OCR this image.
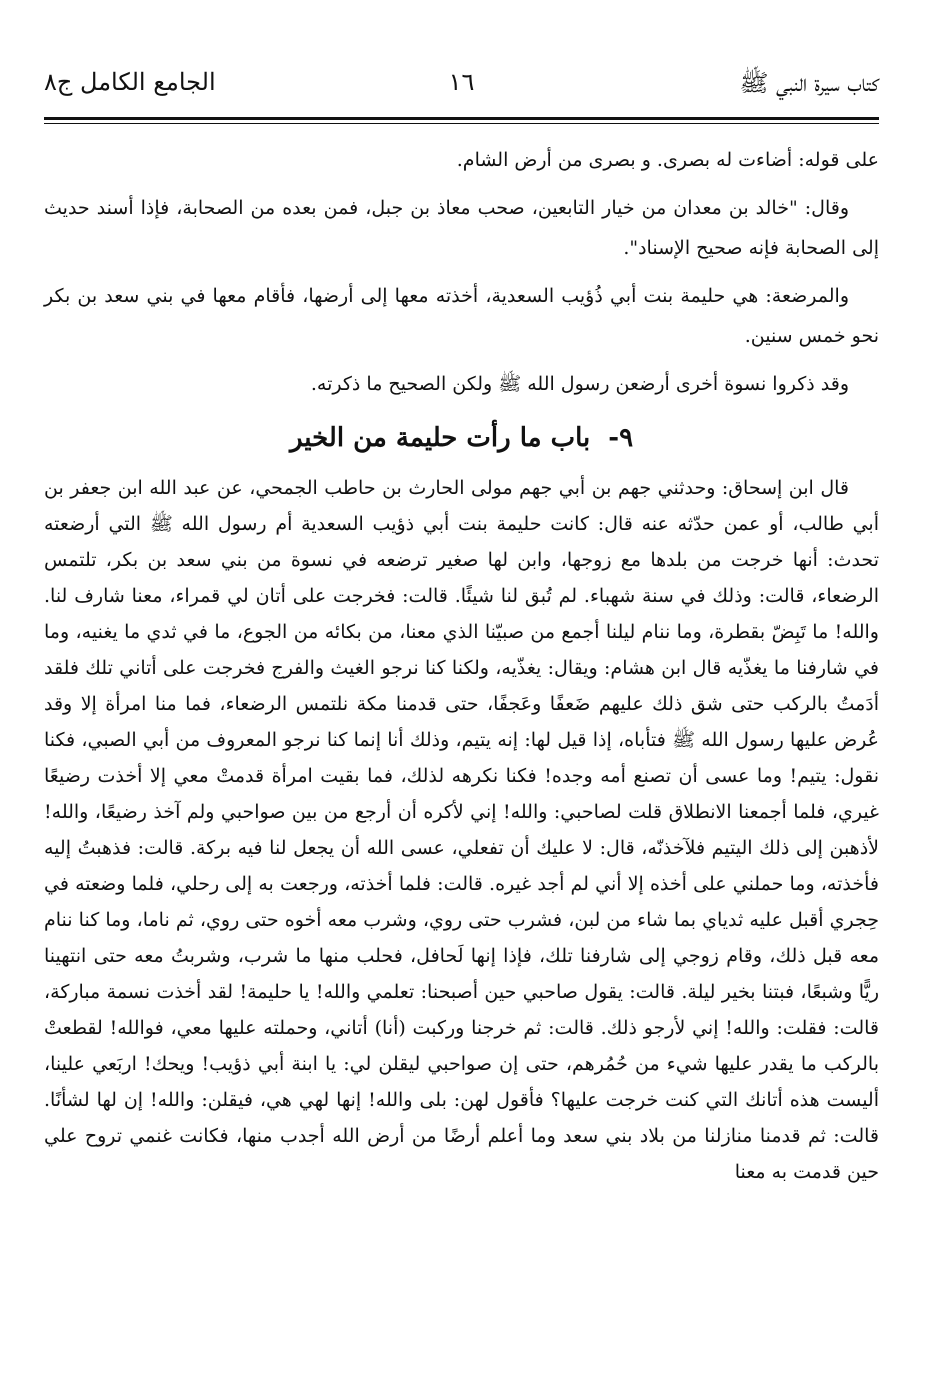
كتاب سيرة النبي ﷺ
١٦
الجامع الكامل ج٨

على قوله: أضاءت له بصرى. و بصرى من أرض الشام.

وقال: "خالد بن معدان من خيار التابعين، صحب معاذ بن جبل، فمن بعده من الصحابة، فإذا أسند حديث إلى الصحابة فإنه صحيح الإسناد".

والمرضعة: هي حليمة بنت أبي ذُؤيب السعدية، أخذته معها إلى أرضها، فأقام معها في بني سعد بن بكر نحو خمس سنين.

وقد ذكروا نسوة أخرى أرضعن رسول الله ﷺ ولكن الصحيح ما ذكرته.

٩-باب ما رأت حليمة من الخير

قال ابن إسحاق: وحدثني جهم بن أبي جهم مولى الحارث بن حاطب الجمحي، عن عبد الله ابن جعفر بن أبي طالب، أو عمن حدّثه عنه قال: كانت حليمة بنت أبي ذؤيب السعدية أم رسول الله ﷺ التي أرضعته تحدث: أنها خرجت من بلدها مع زوجها، وابن لها صغير ترضعه في نسوة من بني سعد بن بكر، تلتمس الرضعاء، قالت: وذلك في سنة شهباء. لم تُبق لنا شيئًا. قالت: فخرجت على أتان لي قمراء، معنا شارف لنا. والله! ما تَبِضّ بقطرة، وما ننام ليلنا أجمع من صبيّنا الذي معنا، من بكائه من الجوع، ما في ثدي ما يغنيه، وما في شارفنا ما يغذّيه قال ابن هشام: ويقال: يغذّيه، ولكنا كنا نرجو الغيث والفرج فخرجت على أتاني تلك فلقد أدَمتُ بالركب حتى شق ذلك عليهم ضَعفًا وعَجفًا، حتى قدمنا مكة نلتمس الرضعاء، فما منا امرأة إلا وقد عُرض عليها رسول الله ﷺ فتأباه، إذا قيل لها: إنه يتيم، وذلك أنا إنما كنا نرجو المعروف من أبي الصبي، فكنا نقول: يتيم! وما عسى أن تصنع أمه وجده! فكنا نكرهه لذلك، فما بقيت امرأة قدمتْ معي إلا أخذت رضيعًا غيري، فلما أجمعنا الانطلاق قلت لصاحبي: والله! إني لأكره أن أرجع من بين صواحبي ولم آخذ رضيعًا، والله! لأذهبن إلى ذلك اليتيم فلآخذنّه، قال: لا عليك أن تفعلي، عسى الله أن يجعل لنا فيه بركة. قالت: فذهبتُ إليه فأخذته، وما حملني على أخذه إلا أني لم أجد غيره. قالت: فلما أخذته، ورجعت به إلى رحلي، فلما وضعته في حِجري أقبل عليه ثدياي بما شاء من لبن، فشرب حتى روي، وشرب معه أخوه حتى روي، ثم ناما، وما كنا ننام معه قبل ذلك، وقام زوجي إلى شارفنا تلك، فإذا إنها لَحافل، فحلب منها ما شرب، وشربتُ معه حتى انتهينا ريًّا وشبعًا، فبتنا بخير ليلة. قالت: يقول صاحبي حين أصبحنا: تعلمي والله! يا حليمة! لقد أخذت نسمة مباركة، قالت: فقلت: والله! إني لأرجو ذلك. قالت: ثم خرجنا وركبت (أنا) أتاني، وحملته عليها معي، فوالله! لقطعتْ بالركب ما يقدر عليها شيء من حُمُرهم، حتى إن صواحبي ليقلن لي: يا ابنة أبي ذؤيب! ويحك! اربَعي علينا، أليست هذه أتانك التي كنت خرجت عليها؟ فأقول لهن: بلى والله! إنها لهي هي، فيقلن: والله! إن لها لشأنًا. قالت: ثم قدمنا منازلنا من بلاد بني سعد وما أعلم أرضًا من أرض الله أجدب منها، فكانت غنمي تروح علي حين قدمت به معنا
